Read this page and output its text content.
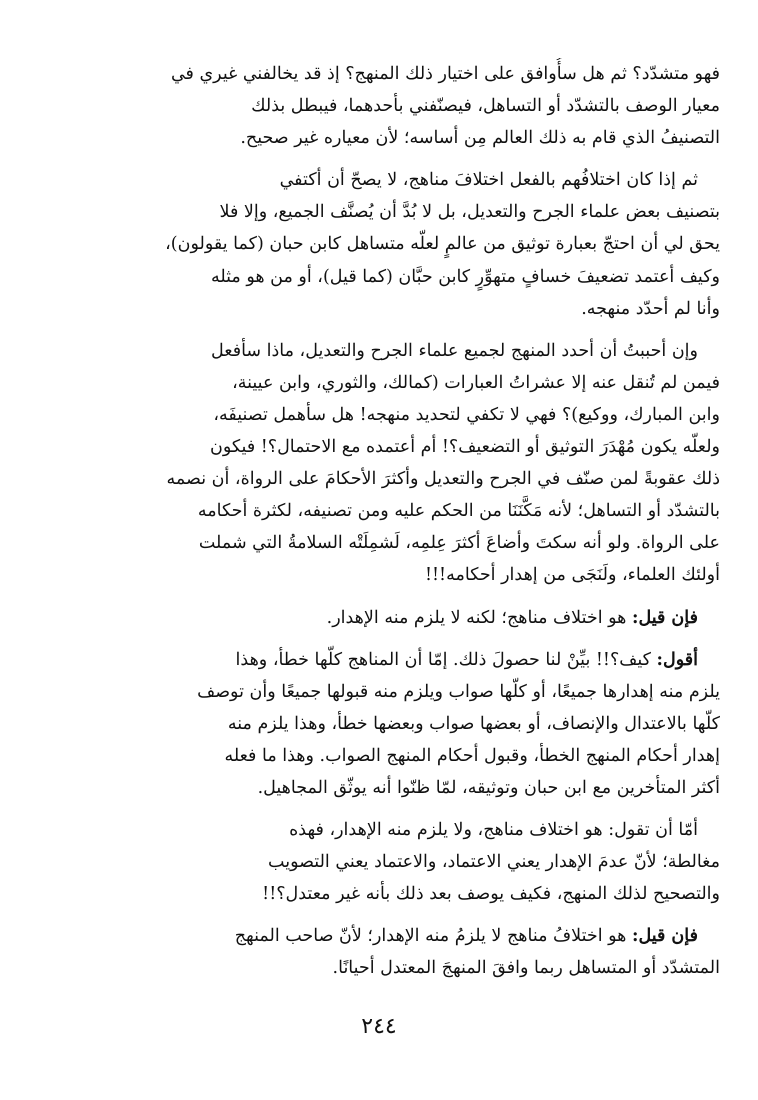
فهو متشدّد؟ ثم هل سأُوافق على اختيار ذلك المنهج؟ إذ قد يخالفني غيري في
معيار الوصف بالتشدّد أو التساهل، فيصنّفني بأحدهما، فيبطل بذلك
التصنيفُ الذي قام به ذلك العالم مِن أساسه؛ لأن معياره غير صحيح.
ثم إذا كان اختلافُهم بالفعل اختلافَ مناهج، لا يصحّ أن أكتفي
بتصنيف بعض علماء الجرح والتعديل، بل لا بُدَّ أن يُصنَّف الجميع، وإلا فلا
يحق لي أن احتجّ بعبارة توثيق من عالمٍ لعلّه متساهل كابن حبان (كما يقولون)،
وكيف أعتمد تضعيفَ خسافٍ متهوِّرٍ كابن حبَّان (كما قيل)، أو من هو مثله
وأنا لم أحدّد منهجه.
وإن أحببتُ أن أحدد المنهج لجميع علماء الجرح والتعديل، ماذا سأفعل
فيمن لم تُنقل عنه إلا عشراتُ العبارات (كمالك، والثوري، وابن عيينة،
وابن المبارك، ووكيع)؟ فهي لا تكفي لتحديد منهجه! هل سأهمل تصنيفَه،
ولعلّه يكون مُهْدَرَ التوثيق أو التضعيف؟! أم أعتمده مع الاحتمال؟! فيكون
ذلك عقوبةً لمن صنّف في الجرح والتعديل وأكثرَ الأحكامَ على الرواة، أن نصمه
بالتشدّد أو التساهل؛ لأنه مَكَّنَنَا من الحكم عليه ومن تصنيفه، لكثرة أحكامه
على الرواة. ولو أنه سكتَ وأضاعَ أكثرَ عِلمِه، لَشمِلَتْه السلامةُ التي شملت
أولئك العلماء، ولَنَجَى من إهدار أحكامه!!!
فإن قيل: هو اختلاف مناهج؛ لكنه لا يلزم منه الإهدار.
أقول: كيف؟!! بيِّنْ لنا حصولَ ذلك. إمّا أن المناهج كلّها خطأ، وهذا
يلزم منه إهدارها جميعًا، أو كلّها صواب ويلزم منه قبولها جميعًا وأن توصف
كلّها بالاعتدال والإنصاف، أو بعضها صواب وبعضها خطأ، وهذا يلزم منه
إهدار أحكام المنهج الخطأ، وقبول أحكام المنهج الصواب. وهذا ما فعله
أكثر المتأخرين مع ابن حبان وتوثيقه، لمّا ظنّوا أنه يوثّق المجاهيل.
أمّا أن تقول: هو اختلاف مناهج، ولا يلزم منه الإهدار، فهذه
مغالطة؛ لأنّ عدمَ الإهدار يعني الاعتماد، والاعتماد يعني التصويب
والتصحيح لذلك المنهج، فكيف يوصف بعد ذلك بأنه غير معتدل؟!!
فإن قيل: هو اختلافُ مناهج لا يلزمُ منه الإهدار؛ لأنّ صاحب المنهج
المتشدّد أو المتساهل ربما وافقَ المنهجَ المعتدل أحيانًا.
٢٤٤
